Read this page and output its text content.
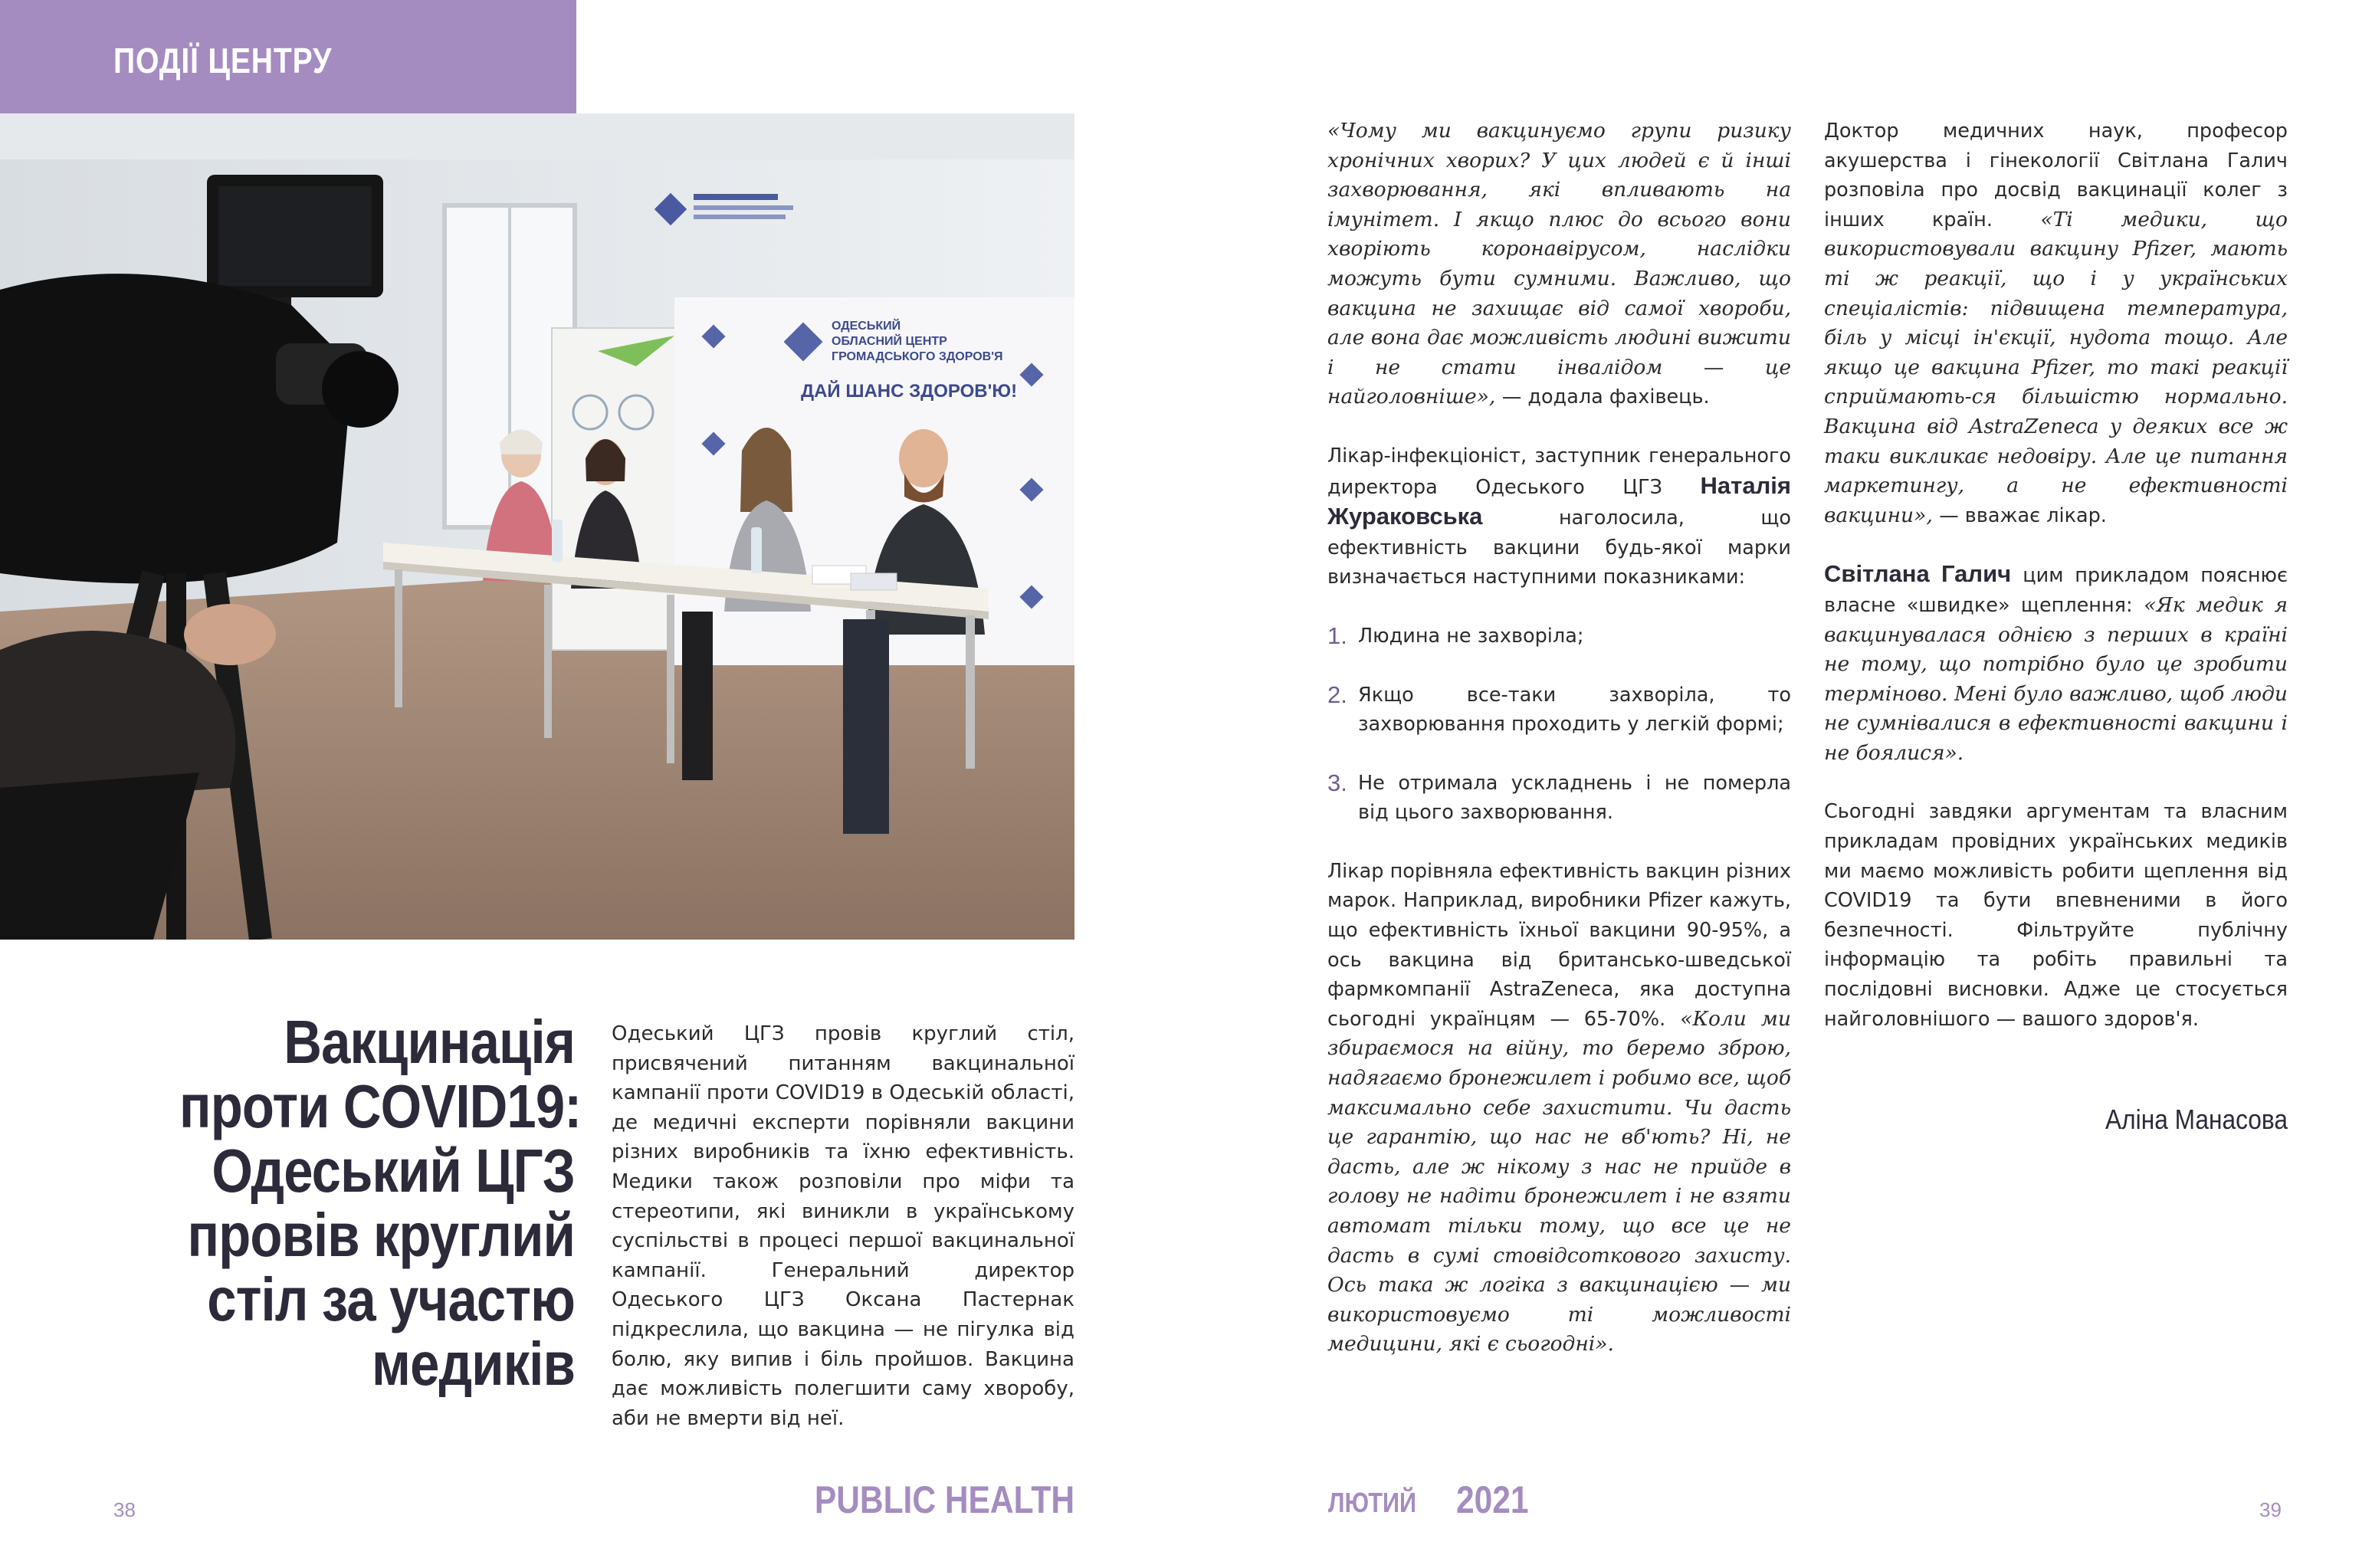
ПОДІЇ ЦЕНТРУ
ОДЕСЬКИЙ
ОБЛАСНИЙ ЦЕНТР
ГРОМАДСЬКОГО ЗДОРОВ'Я
ДАЙ ШАНС ЗДОРОВ'Ю!
Вакцинація
проти COVID19:
Одеський ЦГЗ
провів круглий
стіл за участю
медиків

Одеський ЦГЗ провів круглий стіл, присвячений питанням вакцинальної кампанії проти COVID19 в Одеській області, де медичні експерти порівняли вакцини різних виробників та їхню ефективність. Медики також розповіли про міфи та стереотипи, які виникли в українському суспільстві в процесі першої вакцинальної кампанії. Генеральний директор Одеського ЦГЗ Оксана Пастернак підкреслила, що вакцина — не пігулка від болю, яку випив і біль пройшов. Вакцина дає можливість полегшити саму хворобу, аби не вмерти від неї.

«Чому ми вакцинуємо групи ризику хронічних хворих? У цих людей є й інші захворювання, які впливають на імунітет. І якщо плюс до всього вони хворіють коронавірусом, наслідки можуть бути сумними. Важливо, що вакцина не захищає від самої хвороби, але вона дає можливість людині вижити і не стати інвалідом — це найголовніше», — додала фахівець.

Лікар-інфекціоніст, заступник генерального директора Одеського ЦГЗ Наталія Жураковська	наголосила, що ефективність вакцини будь-якої марки визначається наступними показниками:

1. Людина не захворіла;
2. Якщо все-таки захворіла, то захворювання проходить у легкій формі;
3. Не отримала ускладнень і не померла від цього захворювання.

Лікар порівняла ефективність вакцин різних марок. Наприклад, виробники Pfizer кажуть, що ефективність їхньої вакцини 90-95%, а ось вакцина від британсько-шведської фармкомпанії AstraZeneca, яка доступна сьогодні українцям — 65-70%. «Коли ми збираємося на війну, то беремо зброю, надягаємо бронежилет і робимо все, щоб максимально себе захистити. Чи дасть це гарантію, що нас не вб'ють? Ні, не дасть, але ж нікому з нас не прийде в голову не надіти бронежилет і не взяти автомат тільки тому, що все це не дасть в сумі стовідсоткового захисту. Ось така ж логіка з вакцинацією — ми використовуємо ті можливості медицини, які є сьогодні».

Доктор медичних наук, професор акушерства і гінекології Світлана Галич розповіла про досвід вакцинації колег з інших країн. «Ті медики, що використовували вакцину Pfizer, мають ті ж реакції, що і у українських спеціалістів: підвищена температура, біль у місці ін'єкції, нудота тощо. Але якщо це вакцина Pfizer, то такі реакції сприймають-ся більшістю нормально. Вакцина від AstraZeneca у деяких все ж таки викликає недовіру. Але це питання маркетингу, а не ефективності вакцини», — вважає лікар.

Світлана Галич цим прикладом пояснює власне «швидке» щеплення: «Як медик я вакцинувалася однією з перших в країні не тому, що потрібно було це зробити терміново. Мені було важливо, щоб люди не сумнівалися в ефективності вакцини і не боялися».

Сьогодні завдяки аргументам та власним прикладам провідних українських медиків ми маємо можливість робити щеплення від COVID19 та бути впевненими в його безпечності. Фільтруйте публічну інформацію та робіть правильні та послідовні висновки. Адже це стосується найголовнішого — вашого здоров'я.

Аліна Манасова
38	PUBLIC HEALTH	ЛЮТИЙ 2021	39
